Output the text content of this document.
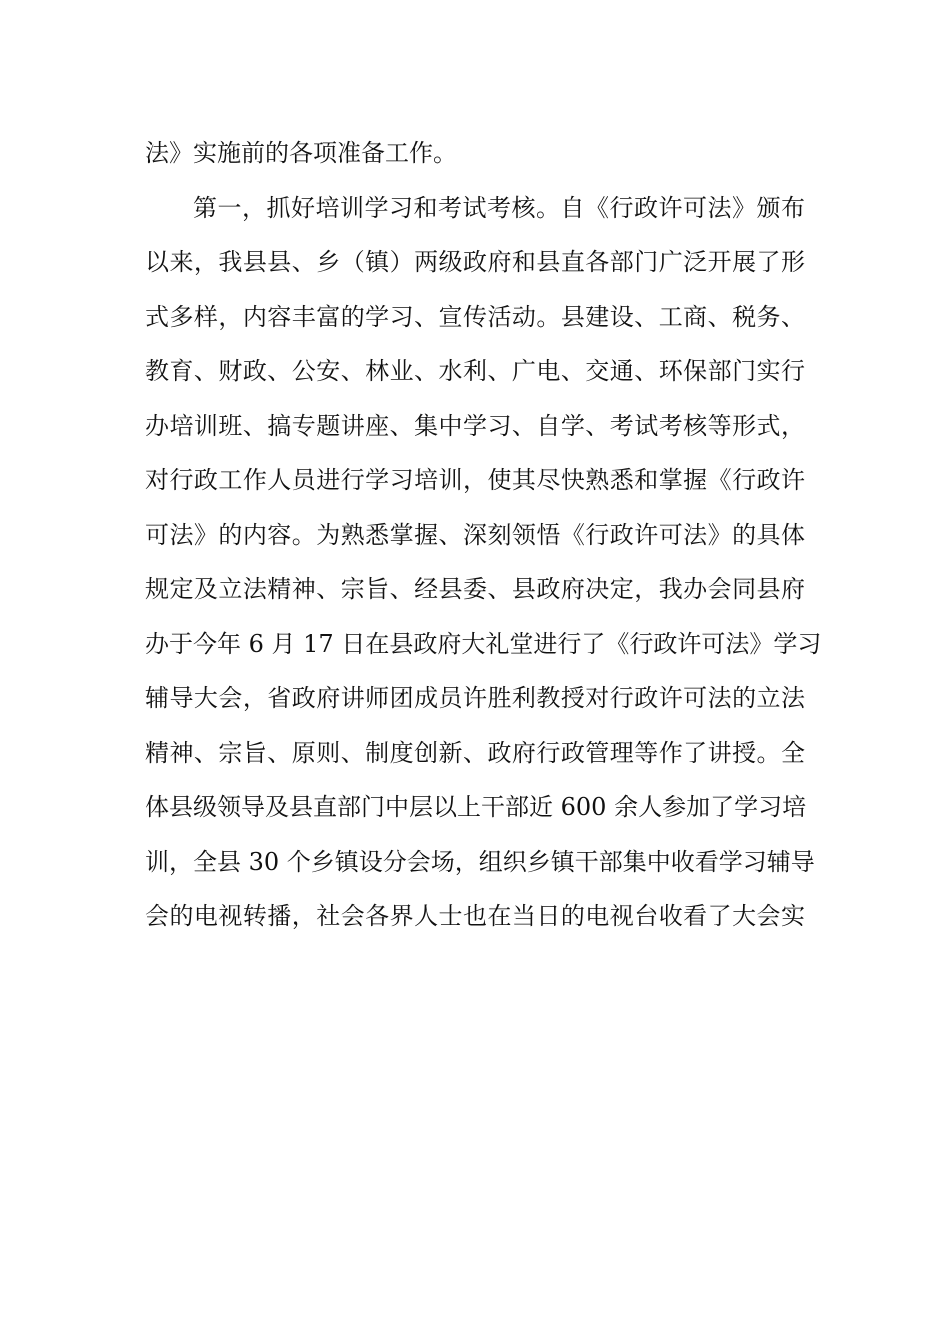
法》实施前的各项准备工作。
第一，抓好培训学习和考试考核。自《行政许可法》颁布
以来，我县县、乡（镇）两级政府和县直各部门广泛开展了形
式多样，内容丰富的学习、宣传活动。县建设、工商、税务、
教育、财政、公安、林业、水利、广电、交通、环保部门实行
办培训班、搞专题讲座、集中学习、自学、考试考核等形式，
对行政工作人员进行学习培训，使其尽快熟悉和掌握《行政许
可法》的内容。为熟悉掌握、深刻领悟《行政许可法》的具体
规定及立法精神、宗旨、经县委、县政府决定，我办会同县府
办于今年 6 月 17 日在县政府大礼堂进行了《行政许可法》学习
辅导大会，省政府讲师团成员许胜利教授对行政许可法的立法
精神、宗旨、原则、制度创新、政府行政管理等作了讲授。全
体县级领导及县直部门中层以上干部近 600 余人参加了学习培
训，全县 30 个乡镇设分会场，组织乡镇干部集中收看学习辅导
会的电视转播，社会各界人士也在当日的电视台收看了大会实
